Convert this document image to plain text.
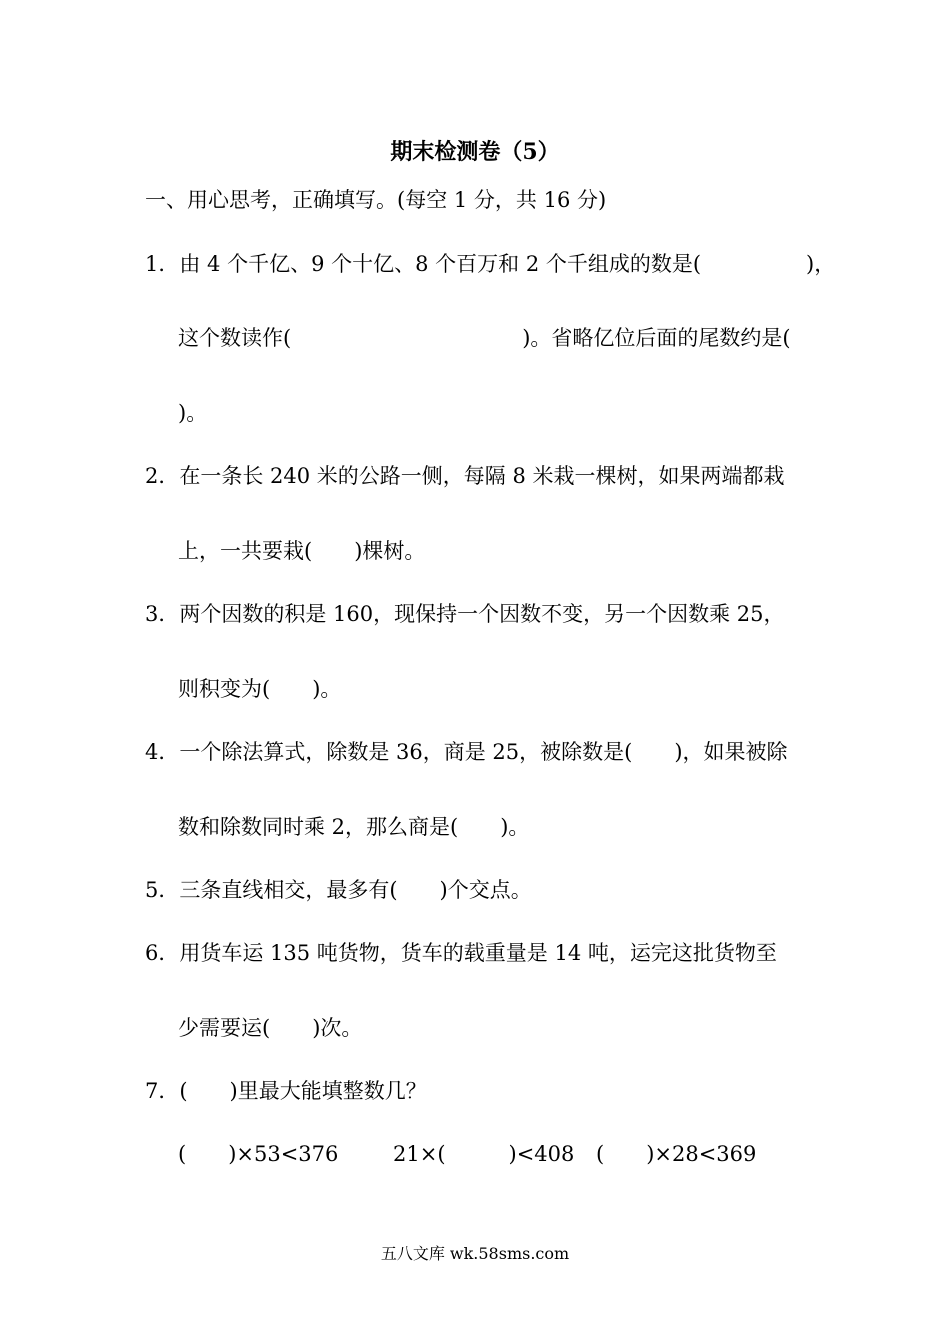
期末检测卷（5）
一、用心思考，正确填写。(每空 1 分，共 16 分)
1．由 4 个千亿、9 个十亿、8 个百万和 2 个千组成的数是(　　　　　)，
这个数读作(　　　　　　　　　　　)。省略亿位后面的尾数约是(
)。
2．在一条长 240 米的公路一侧，每隔 8 米栽一棵树，如果两端都栽
上，一共要栽(　　)棵树。
3．两个因数的积是 160，现保持一个因数不变，另一个因数乘 25，
则积变为(　　)。
4．一个除法算式，除数是 36，商是 25，被除数是(　　)，如果被除
数和除数同时乘 2，那么商是(　　)。
5．三条直线相交，最多有(　　)个交点。
6．用货车运 135 吨货物，货车的载重量是 14 吨，运完这批货物至
少需要运(　　)次。
7．(　　)里最大能填整数几？
(　　)×53<376	21×(　　　)<408 (　　)×28<369
五八文库 wk.58sms.com
